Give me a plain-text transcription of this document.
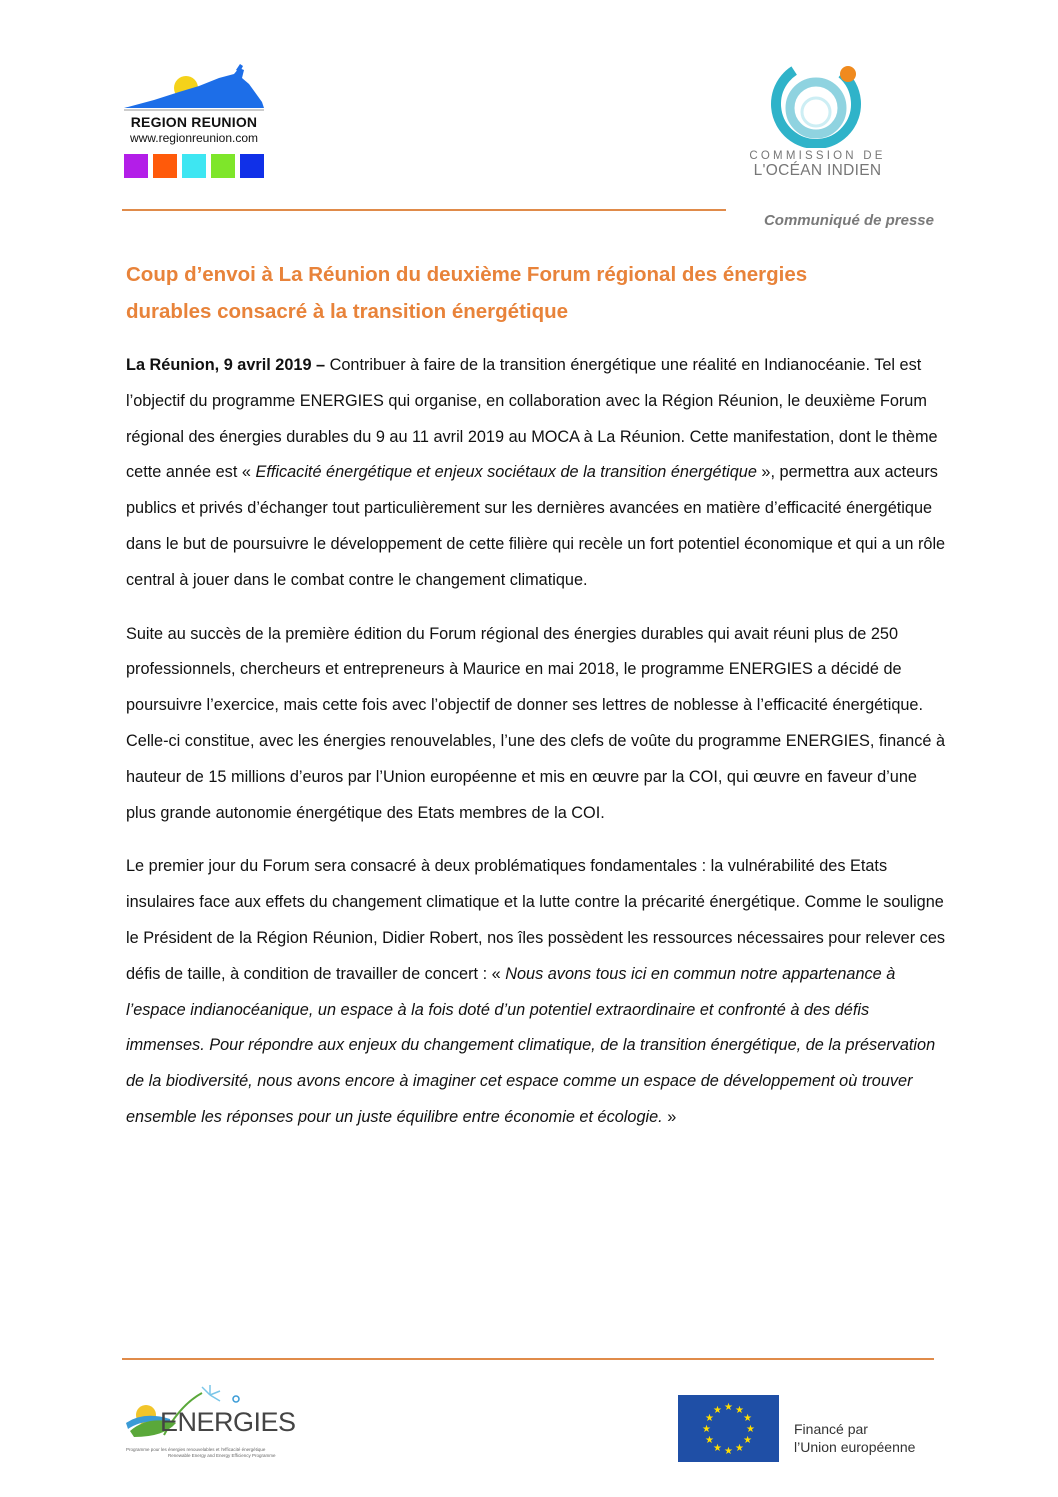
REGION REUNION
www.regionreunion.com
COMMISSION DE
L'OCÉAN INDIEN
Communiqué de presse
Coup d’envoi à La Réunion du deuxième Forum régional des énergies
durables consacré à la transition énergétique

La Réunion, 9 avril 2019 – Contribuer à faire de la transition énergétique une réalité en Indianocéanie. Tel est l’objectif du programme ENERGIES qui organise, en collaboration avec la Région Réunion, le deuxième Forum régional des énergies durables du 9 au 11 avril 2019 au MOCA à La Réunion. Cette manifestation, dont le thème cette année est « Efficacité énergétique et enjeux sociétaux de la transition énergétique », permettra aux acteurs publics et privés d’échanger tout particulièrement sur les dernières avancées en matière d’efficacité énergétique dans le but de poursuivre le développement de cette filière qui recèle un fort potentiel économique et qui a un rôle central à jouer dans le combat contre le changement climatique.

Suite au succès de la première édition du Forum régional des énergies durables qui avait réuni plus de 250 professionnels, chercheurs et entrepreneurs à Maurice en mai 2018, le programme ENERGIES a décidé de poursuivre l’exercice, mais cette fois avec l’objectif de donner ses lettres de noblesse à l’efficacité énergétique. Celle-ci constitue, avec les énergies renouvelables, l’une des clefs de voûte du programme ENERGIES, financé à hauteur de 15 millions d’euros par l’Union européenne et mis en œuvre par la COI, qui œuvre en faveur d’une plus grande autonomie énergétique des Etats membres de la COI.

Le premier jour du Forum sera consacré à deux problématiques fondamentales : la vulnérabilité des Etats insulaires face aux effets du changement climatique et la lutte contre la précarité énergétique. Comme le souligne le Président de la Région Réunion, Didier Robert, nos îles possèdent les ressources nécessaires pour relever ces défis de taille, à condition de travailler de concert : « Nous avons tous ici en commun notre appartenance à l’espace indianocéanique, un espace à la fois doté d’un potentiel extraordinaire et confronté à des défis immenses. Pour répondre aux enjeux du changement climatique, de la transition énergétique, de la préservation de la biodiversité, nous avons encore à imaginer cet espace comme un espace de développement où trouver ensemble les réponses pour un juste équilibre entre économie et écologie. »

ENERGIES
Programme pour les énergies renouvelables et l'efficacité énergétique
Renewable Energy and Energy Efficiency Programme
★ ★
★
★
★
★
★
★
★
★
★
★
Financé par
l’Union européenne
